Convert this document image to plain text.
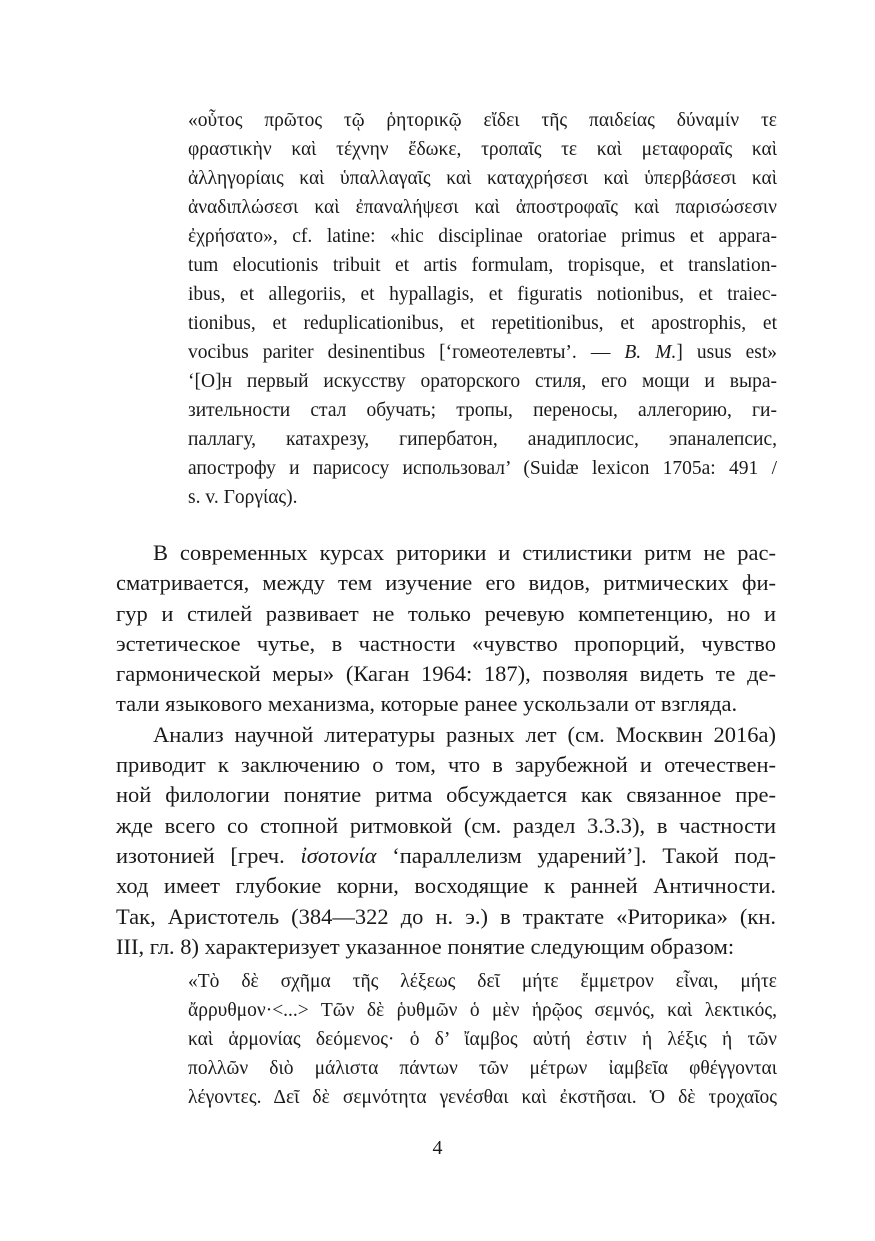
«οὗτος πρῶτος τῷ ῥητορικῷ εἴδει τῆς παιδείας δύναμίν τε
φραστικὴν καὶ τέχνην ἔδωκε, τροπαῖς τε καὶ μεταφοραῖς καὶ
ἀλληγορίαις καὶ ὑπαλλαγαῖς καὶ καταχρήσεσι καὶ ὑπερβάσεσι καὶ
ἀναδιπλώσεσι καὶ ἐπαναλήψεσι καὶ ἀποστροφαῖς καὶ παρισώσεσιν
ἐχρήσατο», cf. latine: «hic disciplinae oratoriae primus et appara-
tum elocutionis tribuit et artis formulam, tropisque, et translation-
ibus, et allegoriis, et hypallagis, et figuratis notionibus, et traiec-
tionibus, et reduplicationibus, et repetitionibus, et apostrophis, et
vocibus pariter desinentibus [‘гомеотелевты’. — В. М.] usus est»
‘[О]н первый искусству ораторского стиля, его мощи и выра-
зительности стал обучать; тропы, переносы, аллегорию, ги-
паллагу, катахрезу, гипербатон, анадиплосис, эпаналепсис,
апострофу и парисосу использовал’ (Suidæ lexicon 1705a: 491 /
s. v. Γοργίας).
В современных курсах риторики и стилистики ритм не рас-
сматривается, между тем изучение его видов, ритмических фи-
гур и стилей развивает не только речевую компетенцию, но и
эстетическое чутье, в частности «чувство пропорций, чувство
гармонической меры» (Каган 1964: 187), позволяя видеть те де-
тали языкового механизма, которые ранее ускользали от взгляда.
Анализ научной литературы разных лет (см. Москвин 2016а)
приводит к заключению о том, что в зарубежной и отечествен-
ной филологии понятие ритма обсуждается как связанное пре-
жде всего со стопной ритмовкой (см. раздел 3.3.3), в частности
изотонией [греч. ἰσοτονία ‘параллелизм ударений’]. Такой под-
ход имеет глубокие корни, восходящие к ранней Античности.
Так, Аристотель (384—322 до н. э.) в трактате «Риторика» (кн.
III, гл. 8) характеризует указанное понятие следующим образом:
«Τὸ δὲ σχῆμα τῆς λέξεως δεῖ μήτε ἔμμετρον εἶναι, μήτε
ἄρρυθμον·<...> Τῶν δὲ ῥυθμῶν ὁ μὲν ἡρῷος σεμνός, καὶ λεκτικός,
καὶ ἁρμονίας δεόμενος· ὁ δ’ ἴαμβος αὐτή ἐστιν ἡ λέξις ἡ τῶν
πολλῶν διὸ μάλιστα πάντων τῶν μέτρων ἰαμβεῖα φθέγγονται
λέγοντες. Δεῖ δὲ σεμνότητα γενέσθαι καὶ ἐκστῆσαι. Ὁ δὲ τροχαῖος
4
